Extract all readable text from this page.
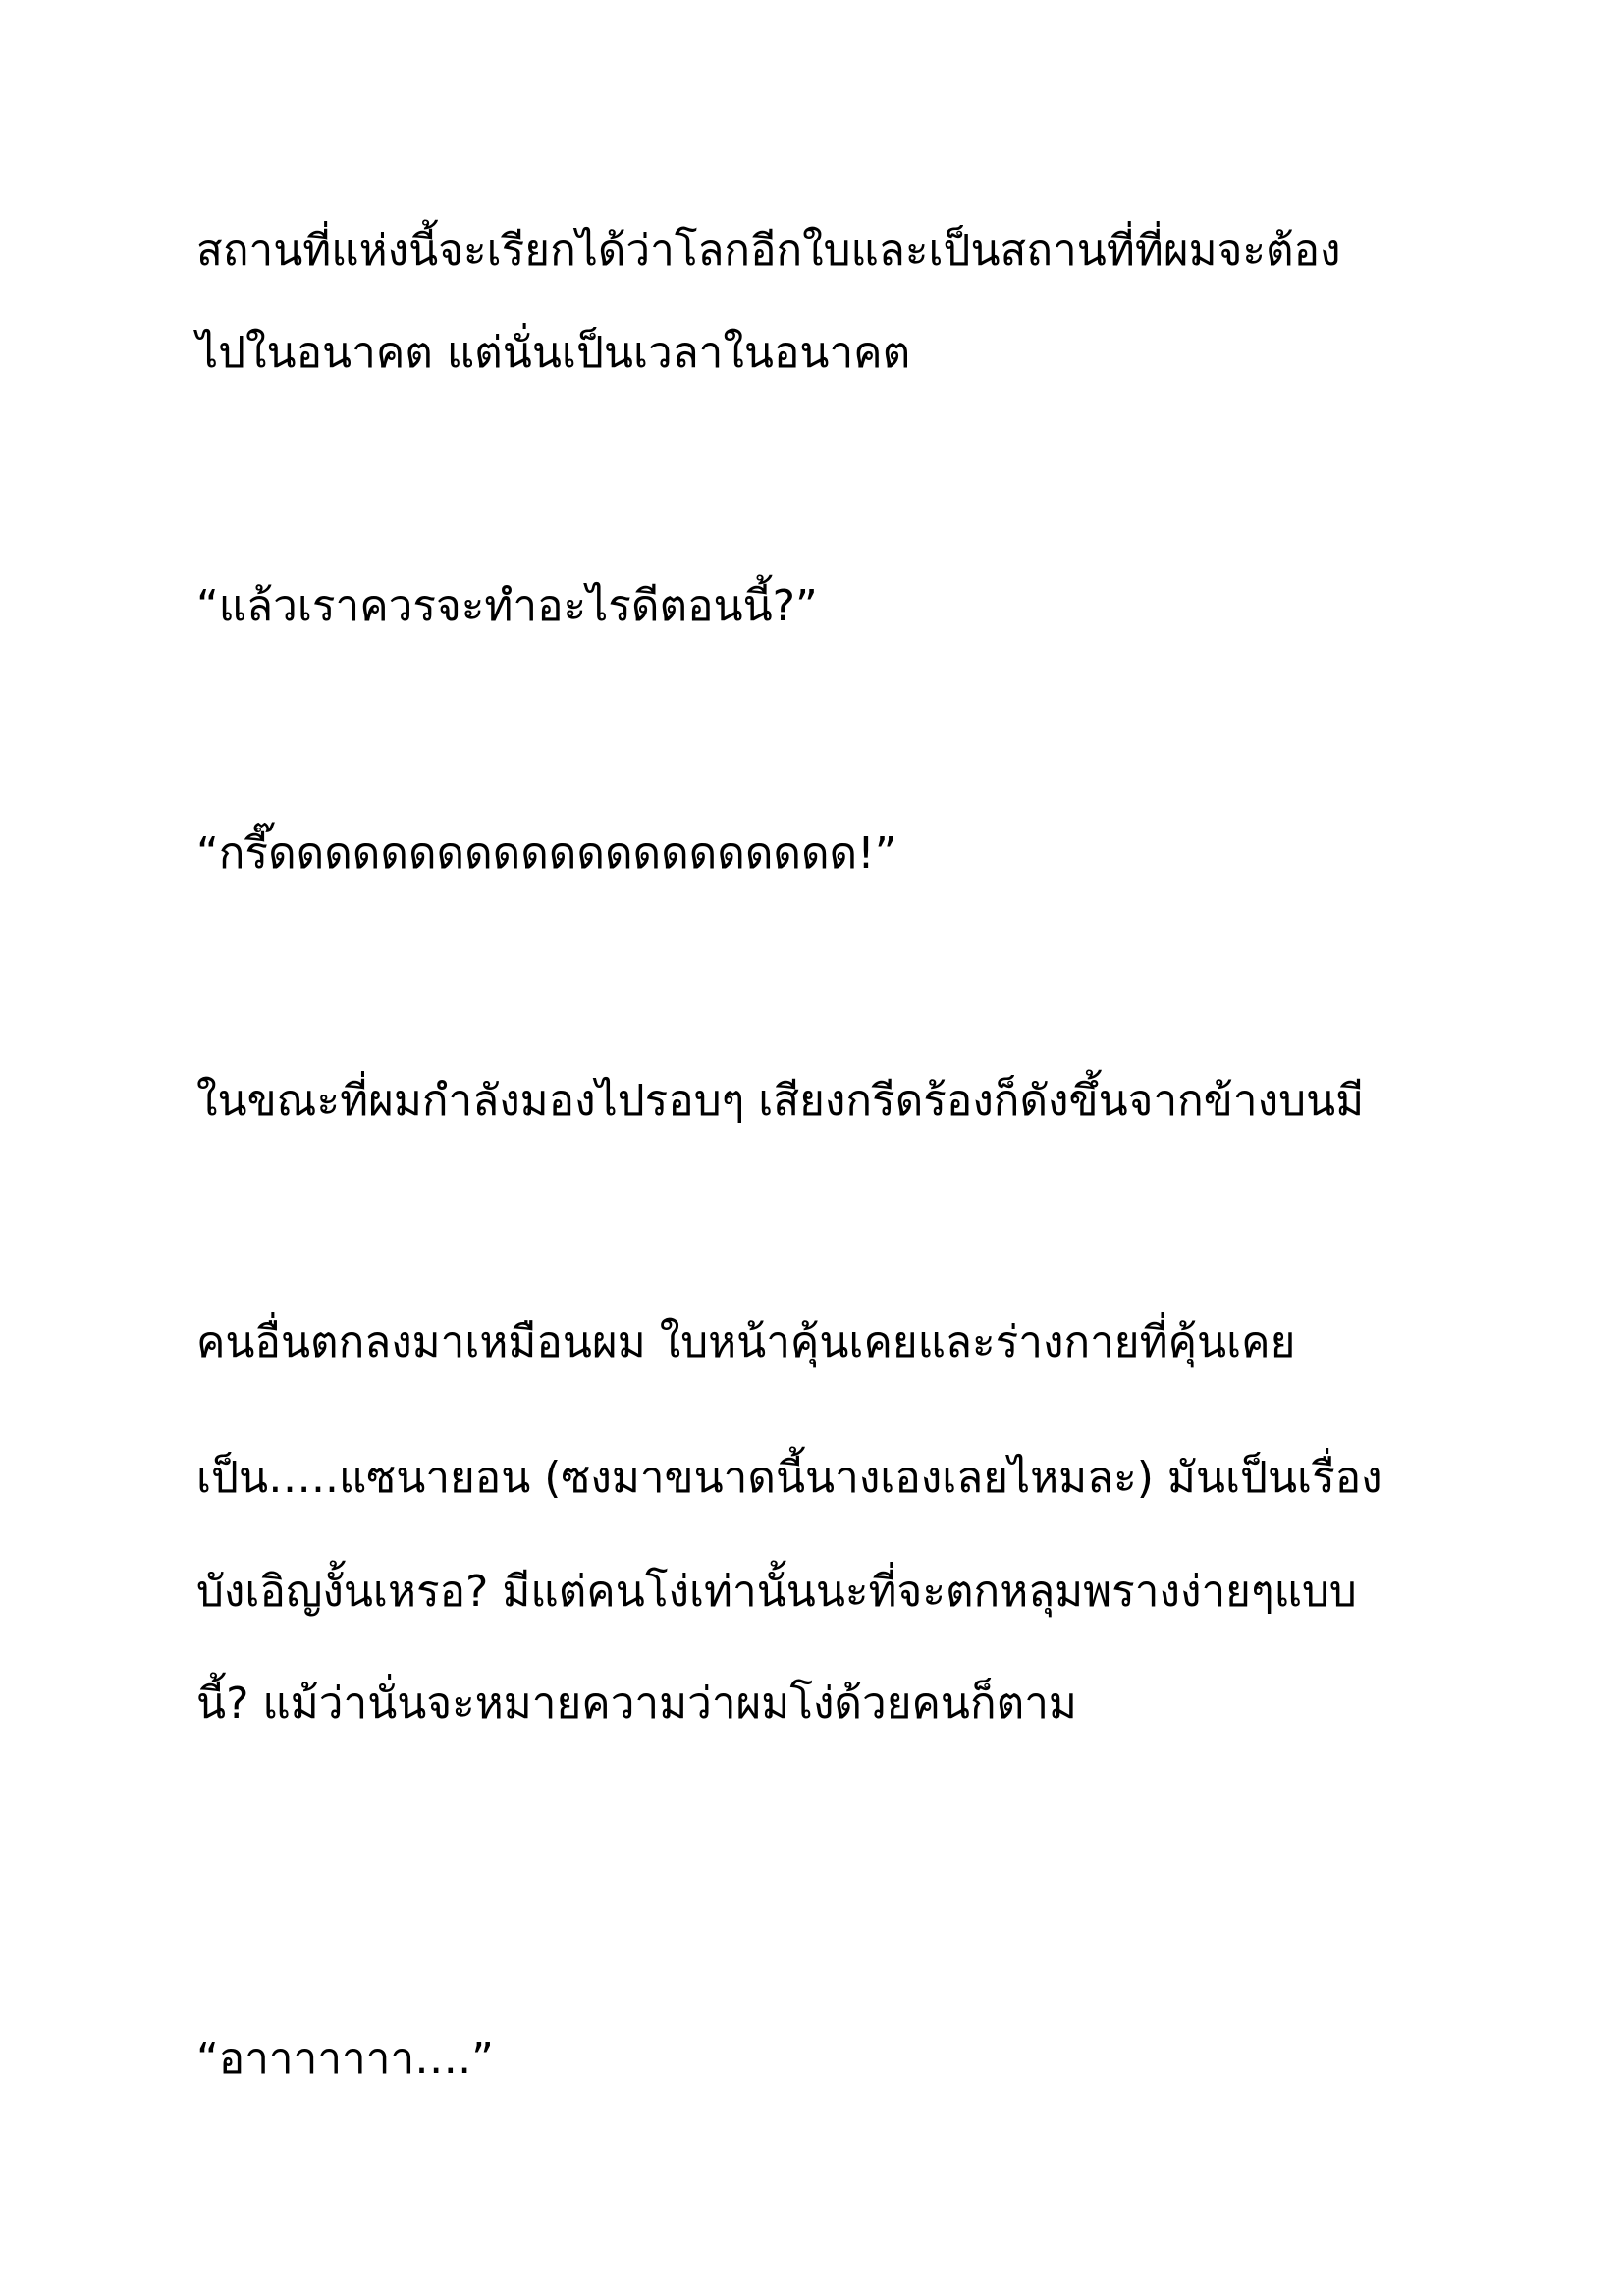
สถานที่แห่งนี้จะเรียกได้ว่าโลกอีกใบและเป็นสถานที่ที่ผมจะต้อง

ไปในอนาคต แต่นั่นเป็นเวลาในอนาคต

“แล้วเราควรจะทำอะไรดีตอนนี้?”

“กรี๊ดดดดดดดดดดดดดดดดดดดดด!”

ในขณะที่ผมกำลังมองไปรอบๆ เสียงกรีดร้องก็ดังขึ้นจากข้างบนมี

คนอื่นตกลงมาเหมือนผม ใบหน้าคุ้นเคยและร่างกายที่คุ้นเคย

เป็น…..แซนายอน (ซงมาขนาดนี้นางเองเลยไหมละ) มันเป็นเรื่อง

บังเอิญงั้นเหรอ? มีแต่คนโง่เท่านั้นนะที่จะตกหลุมพรางง่ายๆแบบ

นี้? แม้ว่านั่นจะหมายความว่าผมโง่ด้วยคนก็ตาม

“อาาาาาาา….”
